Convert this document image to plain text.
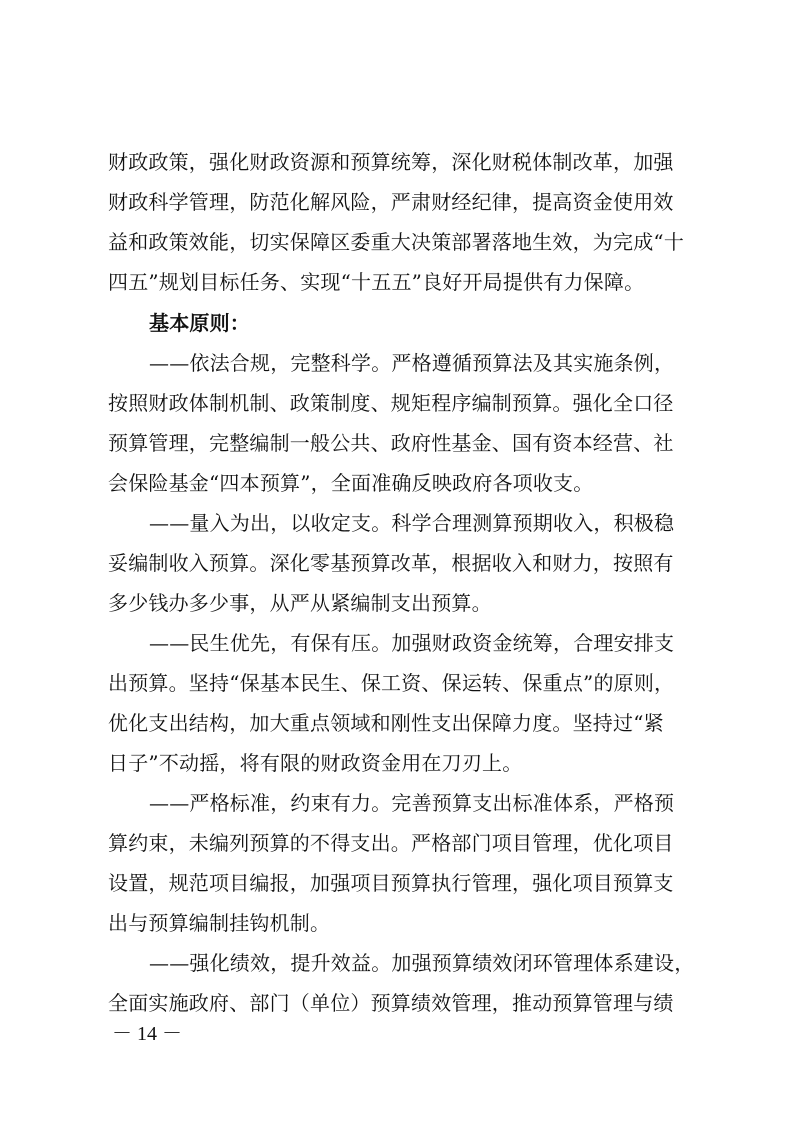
财政政策，强化财政资源和预算统筹，深化财税体制改革，加强
财政科学管理，防范化解风险，严肃财经纪律，提高资金使用效
益和政策效能，切实保障区委重大决策部署落地生效，为完成“十
四五”规划目标任务、实现“十五五”良好开局提供有力保障。
基本原则：
——依法合规，完整科学。严格遵循预算法及其实施条例，
按照财政体制机制、政策制度、规矩程序编制预算。强化全口径
预算管理，完整编制一般公共、政府性基金、国有资本经营、社
会保险基金“四本预算”，全面准确反映政府各项收支。
——量入为出，以收定支。科学合理测算预期收入，积极稳
妥编制收入预算。深化零基预算改革，根据收入和财力，按照有
多少钱办多少事，从严从紧编制支出预算。
——民生优先，有保有压。加强财政资金统筹，合理安排支
出预算。坚持“保基本民生、保工资、保运转、保重点”的原则，
优化支出结构，加大重点领域和刚性支出保障力度。坚持过“紧
日子”不动摇，将有限的财政资金用在刀刃上。
——严格标准，约束有力。完善预算支出标准体系，严格预
算约束，未编列预算的不得支出。严格部门项目管理，优化项目
设置，规范项目编报，加强项目预算执行管理，强化项目预算支
出与预算编制挂钩机制。
——强化绩效，提升效益。加强预算绩效闭环管理体系建设，
全面实施政府、部门（单位）预算绩效管理，推动预算管理与绩
－ 14 －
